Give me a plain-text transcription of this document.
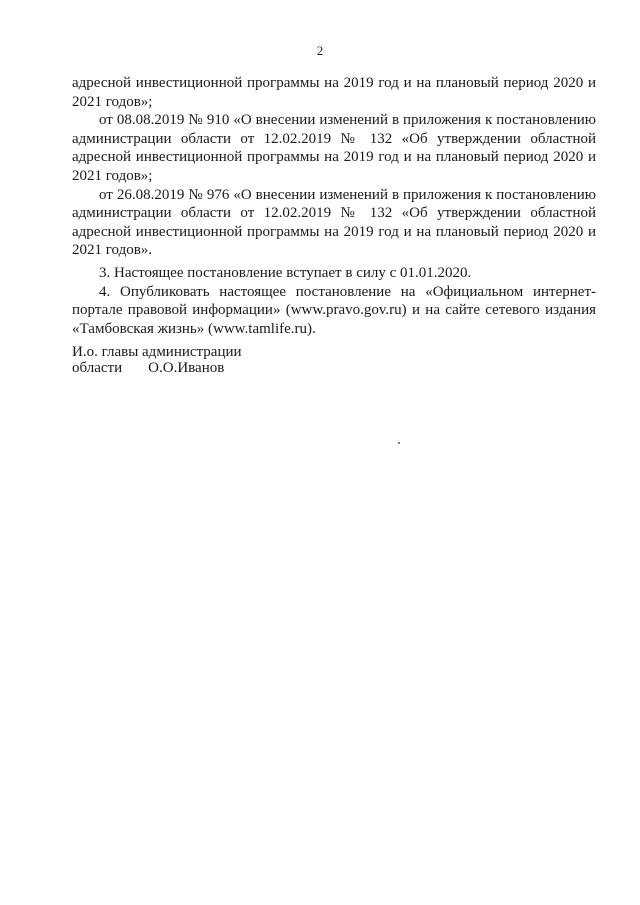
2

адресной инвестиционной программы на 2019 год и на плановый период 2020 и 2021 годов»;

от 08.08.2019 № 910 «О внесении изменений в приложения к постановлению администрации области от 12.02.2019 № 132 «Об утверждении областной адресной инвестиционной программы на 2019 год и на плановый период 2020 и 2021 годов»;

от 26.08.2019 № 976 «О внесении изменений в приложения к постановлению администрации области от 12.02.2019 № 132 «Об утверждении областной адресной инвестиционной программы на 2019 год и на плановый период 2020 и 2021 годов».

3. Настоящее постановление вступает в силу с 01.01.2020.

4. Опубликовать настоящее постановление на «Официальном интернет-портале правовой информации» (www.pravo.gov.ru) и на сайте сетевого издания «Тамбовская жизнь» (www.tamlife.ru).

И.о. главы администрации
области О.О.Иванов
